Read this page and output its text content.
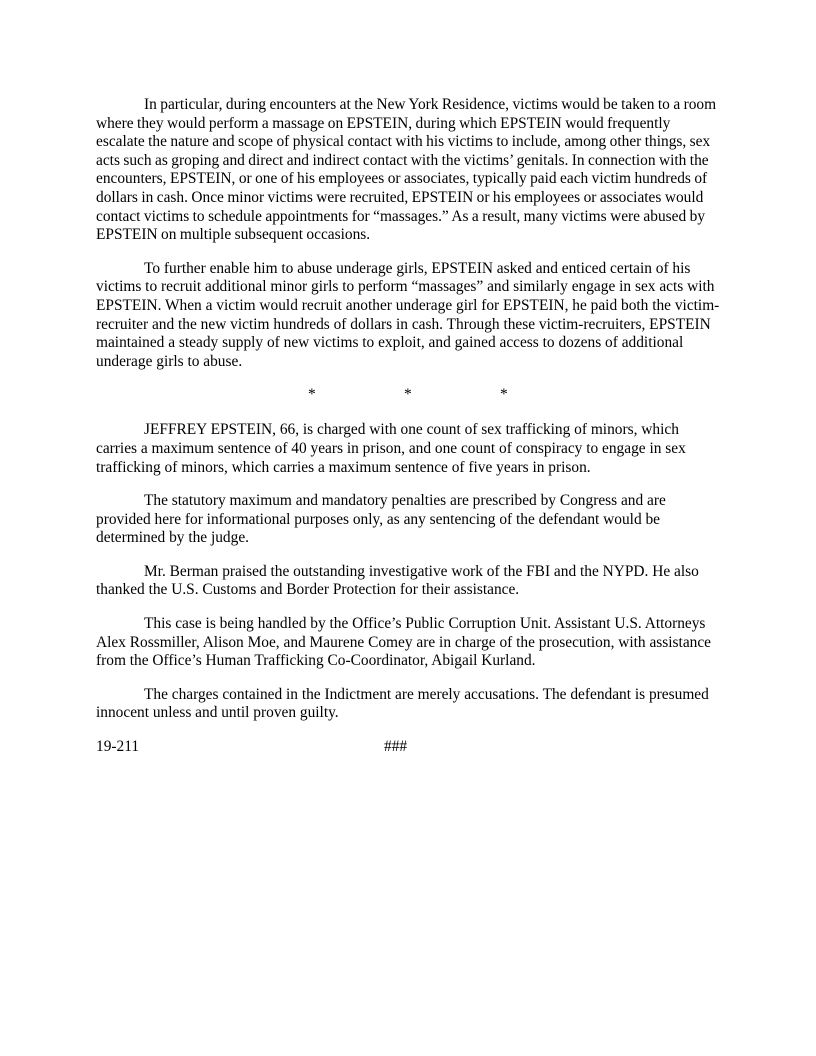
In particular, during encounters at the New York Residence, victims would be taken to a room where they would perform a massage on EPSTEIN, during which EPSTEIN would frequently escalate the nature and scope of physical contact with his victims to include, among other things, sex acts such as groping and direct and indirect contact with the victims’ genitals. In connection with the encounters, EPSTEIN, or one of his employees or associates, typically paid each victim hundreds of dollars in cash. Once minor victims were recruited, EPSTEIN or his employees or associates would contact victims to schedule appointments for “massages.” As a result, many victims were abused by EPSTEIN on multiple subsequent occasions.

To further enable him to abuse underage girls, EPSTEIN asked and enticed certain of his victims to recruit additional minor girls to perform “massages” and similarly engage in sex acts with EPSTEIN. When a victim would recruit another underage girl for EPSTEIN, he paid both the victim-recruiter and the new victim hundreds of dollars in cash. Through these victim-recruiters, EPSTEIN maintained a steady supply of new victims to exploit, and gained access to dozens of additional underage girls to abuse.

*	*	*

JEFFREY EPSTEIN, 66, is charged with one count of sex trafficking of minors, which carries a maximum sentence of 40 years in prison, and one count of conspiracy to engage in sex trafficking of minors, which carries a maximum sentence of five years in prison.

The statutory maximum and mandatory penalties are prescribed by Congress and are provided here for informational purposes only, as any sentencing of the defendant would be determined by the judge.

Mr. Berman praised the outstanding investigative work of the FBI and the NYPD. He also thanked the U.S. Customs and Border Protection for their assistance.

This case is being handled by the Office’s Public Corruption Unit. Assistant U.S. Attorneys Alex Rossmiller, Alison Moe, and Maurene Comey are in charge of the prosecution, with assistance from the Office’s Human Trafficking Co-Coordinator, Abigail Kurland.

The charges contained in the Indictment are merely accusations. The defendant is presumed innocent unless and until proven guilty.

19-211	###
